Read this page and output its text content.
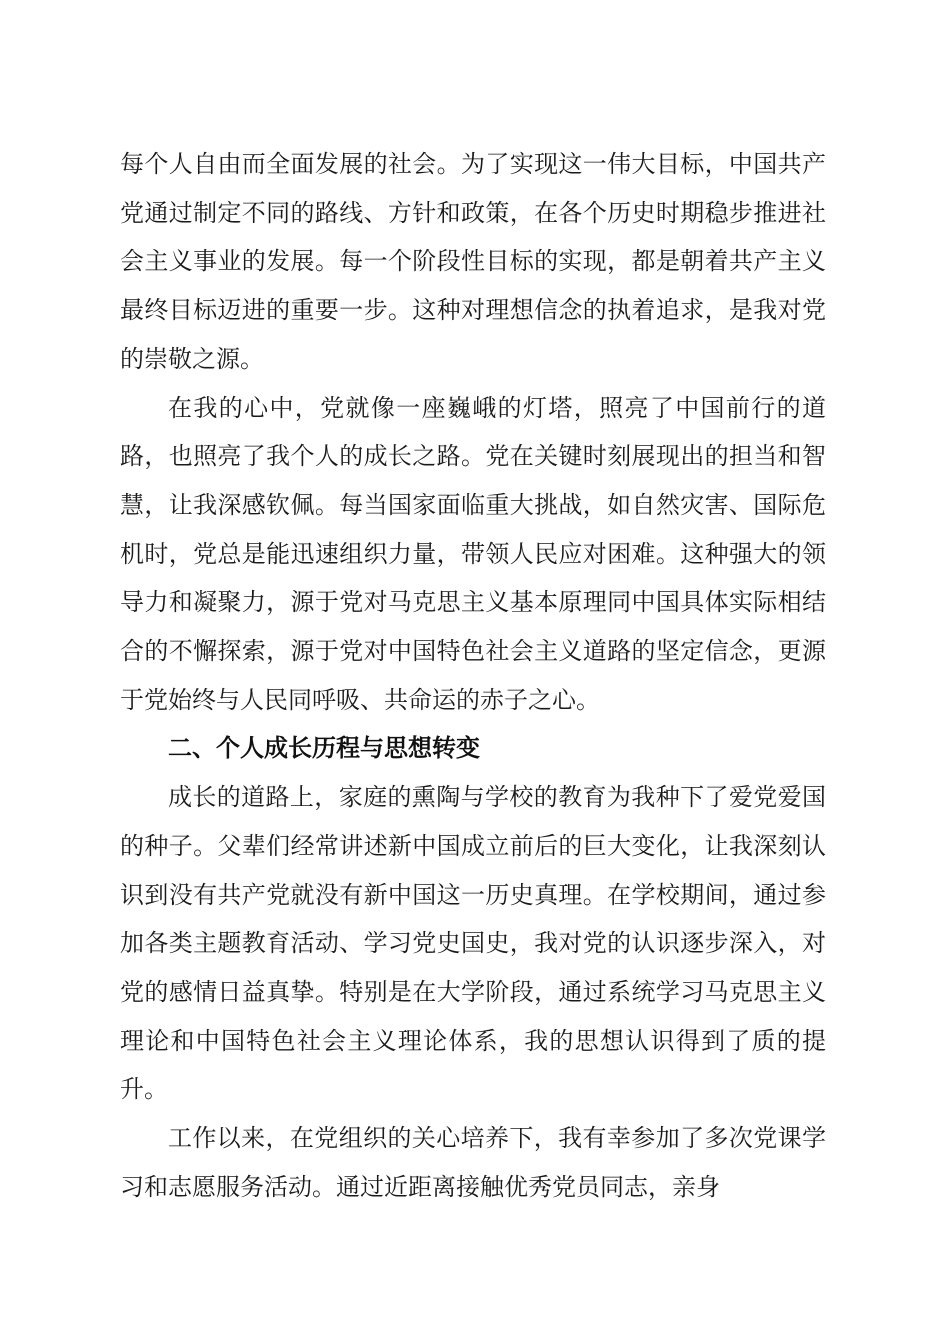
每个人自由而全面发展的社会。为了实现这一伟大目标，中国共产党通过制定不同的路线、方针和政策，在各个历史时期稳步推进社会主义事业的发展。每一个阶段性目标的实现，都是朝着共产主义最终目标迈进的重要一步。这种对理想信念的执着追求，是我对党的崇敬之源。

在我的心中，党就像一座巍峨的灯塔，照亮了中国前行的道路，也照亮了我个人的成长之路。党在关键时刻展现出的担当和智慧，让我深感钦佩。每当国家面临重大挑战，如自然灾害、国际危机时，党总是能迅速组织力量，带领人民应对困难。这种强大的领导力和凝聚力，源于党对马克思主义基本原理同中国具体实际相结合的不懈探索，源于党对中国特色社会主义道路的坚定信念，更源于党始终与人民同呼吸、共命运的赤子之心。

二、个人成长历程与思想转变

成长的道路上，家庭的熏陶与学校的教育为我种下了爱党爱国的种子。父辈们经常讲述新中国成立前后的巨大变化，让我深刻认识到没有共产党就没有新中国这一历史真理。在学校期间，通过参加各类主题教育活动、学习党史国史，我对党的认识逐步深入，对党的感情日益真挚。特别是在大学阶段，通过系统学习马克思主义理论和中国特色社会主义理论体系，我的思想认识得到了质的提升。

工作以来，在党组织的关心培养下，我有幸参加了多次党课学习和志愿服务活动。通过近距离接触优秀党员同志，亲身
